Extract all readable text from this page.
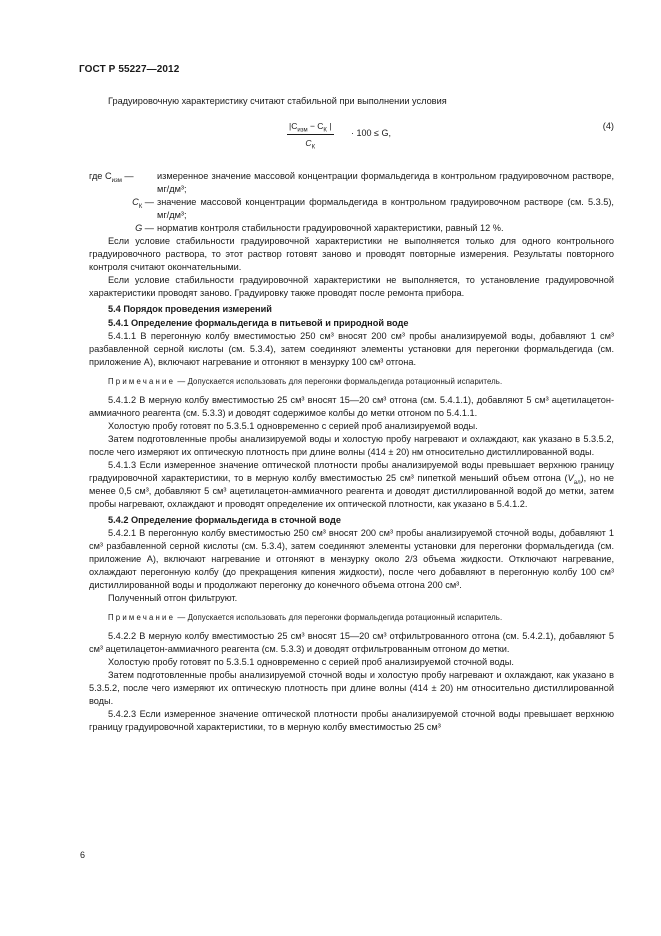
ГОСТ Р 55227—2012

Градуировочную характеристику считают стабильной при выполнении условия

$|C_{изм} - C_К$ |
$C_К$
· 100 ≤ G,
(4)
где $C_{изм}$ —	измеренное значение массовой концентрации формальдегида в контрольном градуировочном растворе, мг/дм³;
$C_К$ — значение массовой концентрации формальдегида в контрольном градуировочном растворе (см. 5.3.5), мг/дм³;
G — норматив контроля стабильности градуировочной характеристики, равный 12 %.

Если условие стабильности градуировочной характеристики не выполняется только для одного контрольного градуировочного раствора, то этот раствор готовят заново и проводят повторные измерения. Результаты повторного контроля считают окончательными.

Если условие стабильности градуировочной характеристики не выполняется, то установление градуировочной характеристики проводят заново. Градуировку также проводят после ремонта прибора.

5.4 Порядок проведения измерений

5.4.1 Определение формальдегида в питьевой и природной воде

5.4.1.1 В перегонную колбу вместимостью 250 см³ вносят 200 см³ пробы анализируемой воды, добавляют 1 см³ разбавленной серной кислоты (см. 5.3.4), затем соединяют элементы установки для перегонки формальдегида (см. приложение А), включают нагревание и отгоняют в мензурку 100 см³ отгона.

Примечание — Допускается использовать для перегонки формальдегида ротационный испаритель.

5.4.1.2 В мерную колбу вместимостью 25 см³ вносят 15—20 см³ отгона (см. 5.4.1.1), добавляют 5 см³ ацетилацетон-аммиачного реагента (см. 5.3.3) и доводят содержимое колбы до метки отгоном по 5.4.1.1.

Холостую пробу готовят по 5.3.5.1 одновременно с серией проб анализируемой воды.

Затем подготовленные пробы анализируемой воды и холостую пробу нагревают и охлаждают, как указано в 5.3.5.2, после чего измеряют их оптическую плотность при длине волны (414 ± 20) нм относительно дистиллированной воды.

5.4.1.3 Если измеренное значение оптической плотности пробы анализируемой воды превышает верхнюю границу градуировочной характеристики, то в мерную колбу вместимостью 25 см³ пипеткой меньший объем отгона $(V_{ал})$, но не менее 0,5 см³, добавляют 5 см³ ацетилацетон-аммиачного реагента и доводят дистиллированной водой до метки, затем пробы нагревают, охлаждают и проводят определение их оптической плотности, как указано в 5.4.1.2.

5.4.2 Определение формальдегида в сточной воде

5.4.2.1 В перегонную колбу вместимостью 250 см³ вносят 200 см³ пробы анализируемой сточной воды, добавляют 1 см³ разбавленной серной кислоты (см. 5.3.4), затем соединяют элементы установки для перегонки формальдегида (см. приложение А), включают нагревание и отгоняют в мензурку около 2/3 объема жидкости. Отключают нагревание, охлаждают перегонную колбу (до прекращения кипения жидкости), после чего добавляют в перегонную колбу 100 см³ дистиллированной воды и продолжают перегонку до конечного объема отгона 200 см³.

Полученный отгон фильтруют.

Примечание — Допускается использовать для перегонки формальдегида ротационный испаритель.

5.4.2.2 В мерную колбу вместимостью 25 см³ вносят 15—20 см³ отфильтрованного отгона (см. 5.4.2.1), добавляют 5 см³ ацетилацетон-аммиачного реагента (см. 5.3.3) и доводят отфильтрованным отгоном до метки.

Холостую пробу готовят по 5.3.5.1 одновременно с серией проб анализируемой сточной воды.

Затем подготовленные пробы анализируемой сточной воды и холостую пробу нагревают и охлаждают, как указано в 5.3.5.2, после чего измеряют их оптическую плотность при длине волны (414 ± 20) нм относительно дистиллированной воды.

5.4.2.3 Если измеренное значение оптической плотности пробы анализируемой сточной воды превышает верхнюю границу градуировочной характеристики, то в мерную колбу вместимостью 25 см³

6
